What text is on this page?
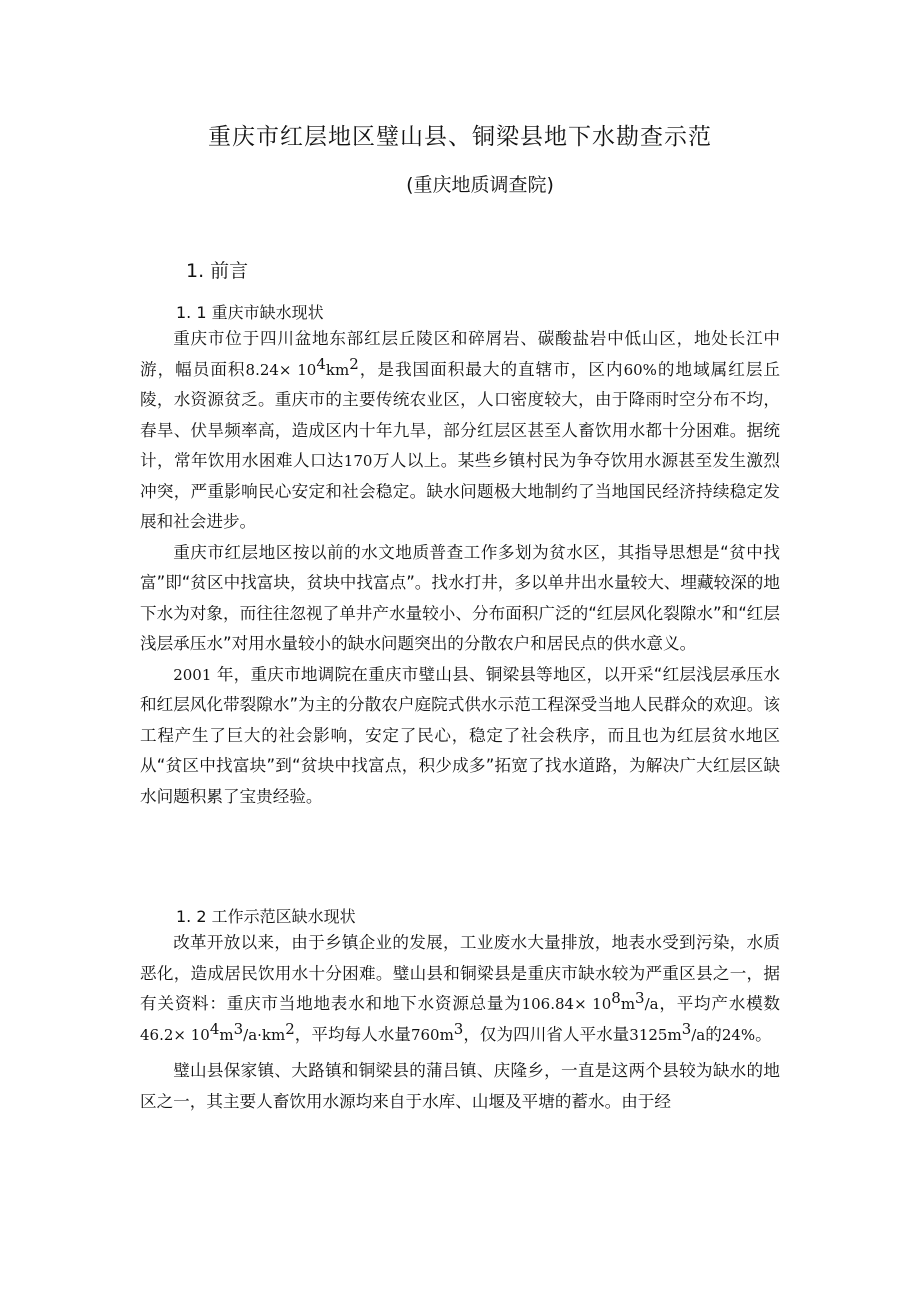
重庆市红层地区璧山县、铜梁县地下水勘查示范
(重庆地质调查院)
1. 前言
1. 1 重庆市缺水现状

重庆市位于四川盆地东部红层丘陵区和碎屑岩、碳酸盐岩中低山区，地处长江中游，幅员面积$8.24\times 10^4km^2$，是我国面积最大的直辖市，区内60%的地域属红层丘陵，水资源贫乏。重庆市的主要传统农业区，人口密度较大，由于降雨时空分布不均，春旱、伏旱频率高，造成区内十年九旱，部分红层区甚至人畜饮用水都十分困难。据统计，常年饮用水困难人口达170万人以上。某些乡镇村民为争夺饮用水源甚至发生激烈冲突，严重影响民心安定和社会稳定。缺水问题极大地制约了当地国民经济持续稳定发展和社会进步。

重庆市红层地区按以前的水文地质普查工作多划为贫水区，其指导思想是“贫中找富”即“贫区中找富块，贫块中找富点”。找水打井，多以单井出水量较大、埋藏较深的地下水为对象，而往往忽视了单井产水量较小、分布面积广泛的“红层风化裂隙水”和“红层浅层承压水”对用水量较小的缺水问题突出的分散农户和居民点的供水意义。

2001 年，重庆市地调院在重庆市璧山县、铜梁县等地区，以开采“红层浅层承压水和红层风化带裂隙水”为主的分散农户庭院式供水示范工程深受当地人民群众的欢迎。该工程产生了巨大的社会影响，安定了民心，稳定了社会秩序，而且也为红层贫水地区从“贫区中找富块”到“贫块中找富点，积少成多”拓宽了找水道路，为解决广大红层区缺水问题积累了宝贵经验。

1. 2 工作示范区缺水现状

改革开放以来，由于乡镇企业的发展，工业废水大量排放，地表水受到污染，水质恶化，造成居民饮用水十分困难。璧山县和铜梁县是重庆市缺水较为严重区县之一，据有关资料：重庆市当地地表水和地下水资源总量为$106.84\times 10^8m^3/a$，平均产水模数$46.2\times 10^4m^3/a\cdot km^2$，平均每人水量$760m^3$，仅为四川省人平水量$3125m^3/a$的24%。

璧山县保家镇、大路镇和铜梁县的蒲吕镇、庆隆乡，一直是这两个县较为缺水的地区之一，其主要人畜饮用水源均来自于水库、山堰及平塘的蓄水。由于经
